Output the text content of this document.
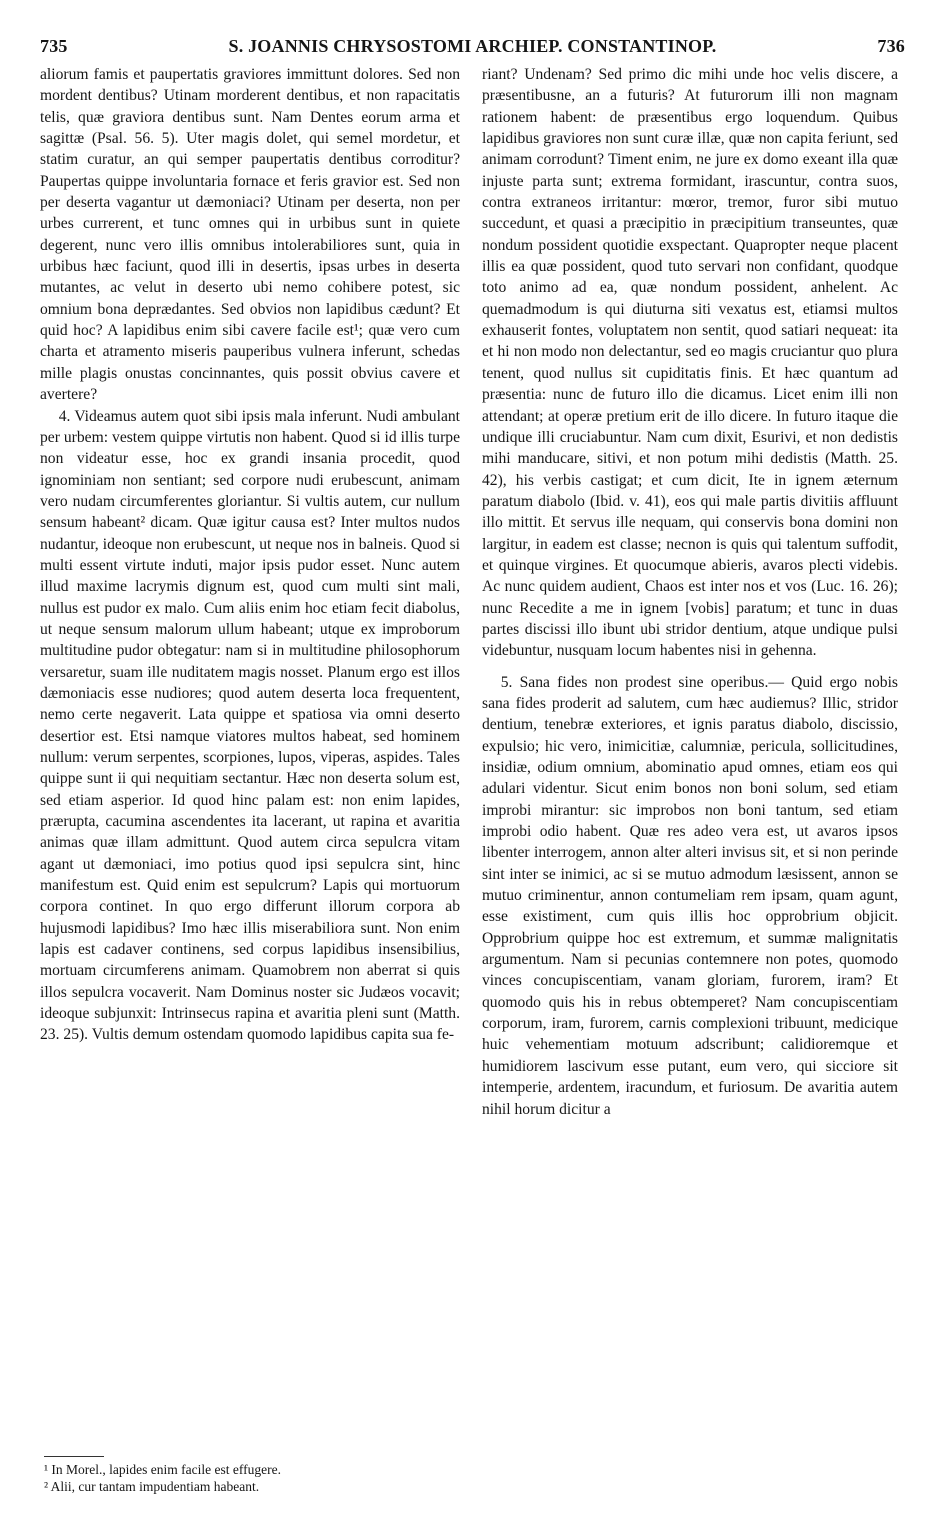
735	S. JOANNIS CHRYSOSTOMI ARCHIEP. CONSTANTINOP.	736

aliorum famis et paupertatis graviores immittunt dolores. Sed non mordent dentibus? Utinam morderent dentibus, et non rapacitatis telis, quæ graviora dentibus sunt. Nam Dentes eorum arma et sagittæ (Psal. 56. 5). Uter magis dolet, qui semel mordetur, et statim curatur, an qui semper paupertatis dentibus corroditur? Paupertas quippe involuntaria fornace et feris gravior est. Sed non per deserta vagantur ut dæmoniaci? Utinam per deserta, non per urbes currerent, et tunc omnes qui in urbibus sunt in quiete degerent, nunc vero illis omnibus intolerabiliores sunt, quia in urbibus hæc faciunt, quod illi in desertis, ipsas urbes in deserta mutantes, ac velut in deserto ubi nemo cohibere potest, sic omnium bona deprædantes. Sed obvios non lapidibus cædunt? Et quid hoc? A lapidibus enim sibi cavere facile est¹; quæ vero cum charta et atramento miseris pauperibus vulnera inferunt, schedas mille plagis onustas concinnantes, quis possit obvius cavere et avertere?

4. Videamus autem quot sibi ipsis mala inferunt. Nudi ambulant per urbem: vestem quippe virtutis non habent. Quod si id illis turpe non videatur esse, hoc ex grandi insania procedit, quod ignominiam non sentiant; sed corpore nudi erubescunt, animam vero nudam circumferentes gloriantur. Si vultis autem, cur nullum sensum habeant² dicam. Quæ igitur causa est? Inter multos nudos nudantur, ideoque non erubescunt, ut neque nos in balneis. Quod si multi essent virtute induti, major ipsis pudor esset. Nunc autem illud maxime lacrymis dignum est, quod cum multi sint mali, nullus est pudor ex malo. Cum aliis enim hoc etiam fecit diabolus, ut neque sensum malorum ullum habeant; utque ex improborum multitudine pudor obtegatur: nam si in multitudine philosophorum versaretur, suam ille nuditatem magis nosset. Planum ergo est illos dæmoniacis esse nudiores; quod autem deserta loca frequentent, nemo certe negaverit. Lata quippe et spatiosa via omni deserto desertior est. Etsi namque viatores multos habeat, sed hominem nullum: verum serpentes, scorpiones, lupos, viperas, aspides. Tales quippe sunt ii qui nequitiam sectantur. Hæc non deserta solum est, sed etiam asperior. Id quod hinc palam est: non enim lapides, prærupta, cacumina ascendentes ita lacerant, ut rapina et avaritia animas quæ illam admittunt. Quod autem circa sepulcra vitam agant ut dæmoniaci, imo potius quod ipsi sepulcra sint, hinc manifestum est. Quid enim est sepulcrum? Lapis qui mortuorum corpora continet. In quo ergo differunt illorum corpora ab hujusmodi lapidibus? Imo hæc illis miserabiliora sunt. Non enim lapis est cadaver continens, sed corpus lapidibus insensibilius, mortuam circumferens animam. Quamobrem non aberrat si quis illos sepulcra vocaverit. Nam Dominus noster sic Judæos vocavit; ideoque subjunxit: Intrinsecus rapina et avaritia pleni sunt (Matth. 23. 25). Vultis demum ostendam quomodo lapidibus capita sua fe-

riant? Undenam? Sed primo dic mihi unde hoc velis discere, a præsentibusne, an a futuris? At futurorum illi non magnam rationem habent: de præsentibus ergo loquendum. Quibus lapidibus graviores non sunt curæ illæ, quæ non capita feriunt, sed animam corrodunt? Timent enim, ne jure ex domo exeant illa quæ injuste parta sunt; extrema formidant, irascuntur, contra suos, contra extraneos irritantur: mœror, tremor, furor sibi mutuo succedunt, et quasi a præcipitio in præcipitium transeuntes, quæ nondum possident quotidie exspectant. Quapropter neque placent illis ea quæ possident, quod tuto servari non confidant, quodque toto animo ad ea, quæ nondum possident, anhelent. Ac quemadmodum is qui diuturna siti vexatus est, etiamsi multos exhauserit fontes, voluptatem non sentit, quod satiari nequeat: ita et hi non modo non delectantur, sed eo magis cruciantur quo plura tenent, quod nullus sit cupiditatis finis. Et hæc quantum ad præsentia: nunc de futuro illo die dicamus. Licet enim illi non attendant; at operæ pretium erit de illo dicere. In futuro itaque die undique illi cruciabuntur. Nam cum dixit, Esurivi, et non dedistis mihi manducare, sitivi, et non potum mihi dedistis (Matth. 25. 42), his verbis castigat; et cum dicit, Ite in ignem æternum paratum diabolo (Ibid. v. 41), eos qui male partis divitiis affluunt illo mittit. Et servus ille nequam, qui conservis bona domini non largitur, in eadem est classe; necnon is quis qui talentum suffodit, et quinque virgines. Et quocumque abieris, avaros plecti videbis. Ac nunc quidem audient, Chaos est inter nos et vos (Luc. 16. 26); nunc Recedite a me in ignem [vobis] paratum; et tunc in duas partes discissi illo ibunt ubi stridor dentium, atque undique pulsi videbuntur, nusquam locum habentes nisi in gehenna.

5. Sana fides non prodest sine operibus.— Quid ergo nobis sana fides proderit ad salutem, cum hæc audiemus? Illic, stridor dentium, tenebræ exteriores, et ignis paratus diabolo, discissio, expulsio; hic vero, inimicitiæ, calumniæ, pericula, sollicitudines, insidiæ, odium omnium, abominatio apud omnes, etiam eos qui adulari videntur. Sicut enim bonos non boni solum, sed etiam improbi mirantur: sic improbos non boni tantum, sed etiam improbi odio habent. Quæ res adeo vera est, ut avaros ipsos libenter interrogem, annon alter alteri invisus sit, et si non perinde sint inter se inimici, ac si se mutuo admodum læsissent, annon se mutuo criminentur, annon contumeliam rem ipsam, quam agunt, esse existiment, cum quis illis hoc opprobrium objicit. Opprobrium quippe hoc est extremum, et summæ malignitatis argumentum. Nam si pecunias contemnere non potes, quomodo vinces concupiscentiam, vanam gloriam, furorem, iram? Et quomodo quis his in rebus obtemperet? Nam concupiscentiam corporum, iram, furorem, carnis complexioni tribuunt, medicique huic vehementiam motuum adscribunt; calidioremque et humidiorem lascivum esse putant, eum vero, qui sicciore sit intemperie, ardentem, iracundum, et furiosum. De avaritia autem nihil horum dicitur a

¹ In Morel., lapides enim facile est effugere.
² Alii, cur tantam impudentiam habeant.
